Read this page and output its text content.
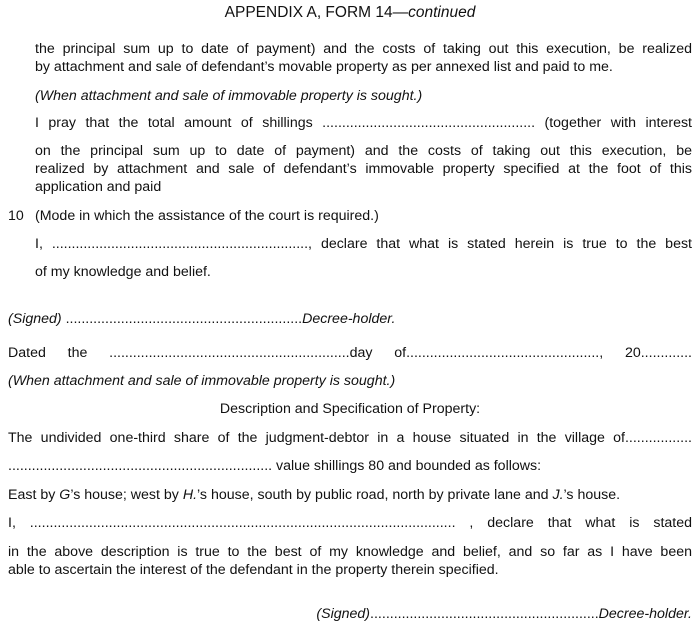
APPENDIX A, FORM 14—continued
the principal sum up to date of payment) and the costs of taking out this execution, be realized
by attachment and sale of defendant’s movable property as per annexed list and paid to me.
(When attachment and sale of immovable property is sought.)
I pray that the total amount of shillings ...................................................... (together with interest
on the principal sum up to date of payment) and the costs of taking out this execution, be
realized by attachment and sale of defendant’s immovable property specified at the foot of this
application and paid
10 (Mode in which the assistance of the court is required.)
I, ................................................................., declare that what is stated herein is true to the best
of my knowledge and belief.
(Signed) ............................................................Decree-holder.
Dated the .............................................................day of................................................., 20.............
(When attachment and sale of immovable property is sought.)
Description and Specification of Property:
The undivided one-third share of the judgment-debtor in a house situated in the village of.................
................................................................... value shillings 80 and bounded as follows:
East by G’s house; west by H.’s house, south by public road, north by private lane and J.’s house.
I, ............................................................................................................ , declare that what is stated
in the above description is true to the best of my knowledge and belief, and so far as I have been
able to ascertain the interest of the defendant in the property therein specified.
(Signed)..........................................................Decree-holder.
